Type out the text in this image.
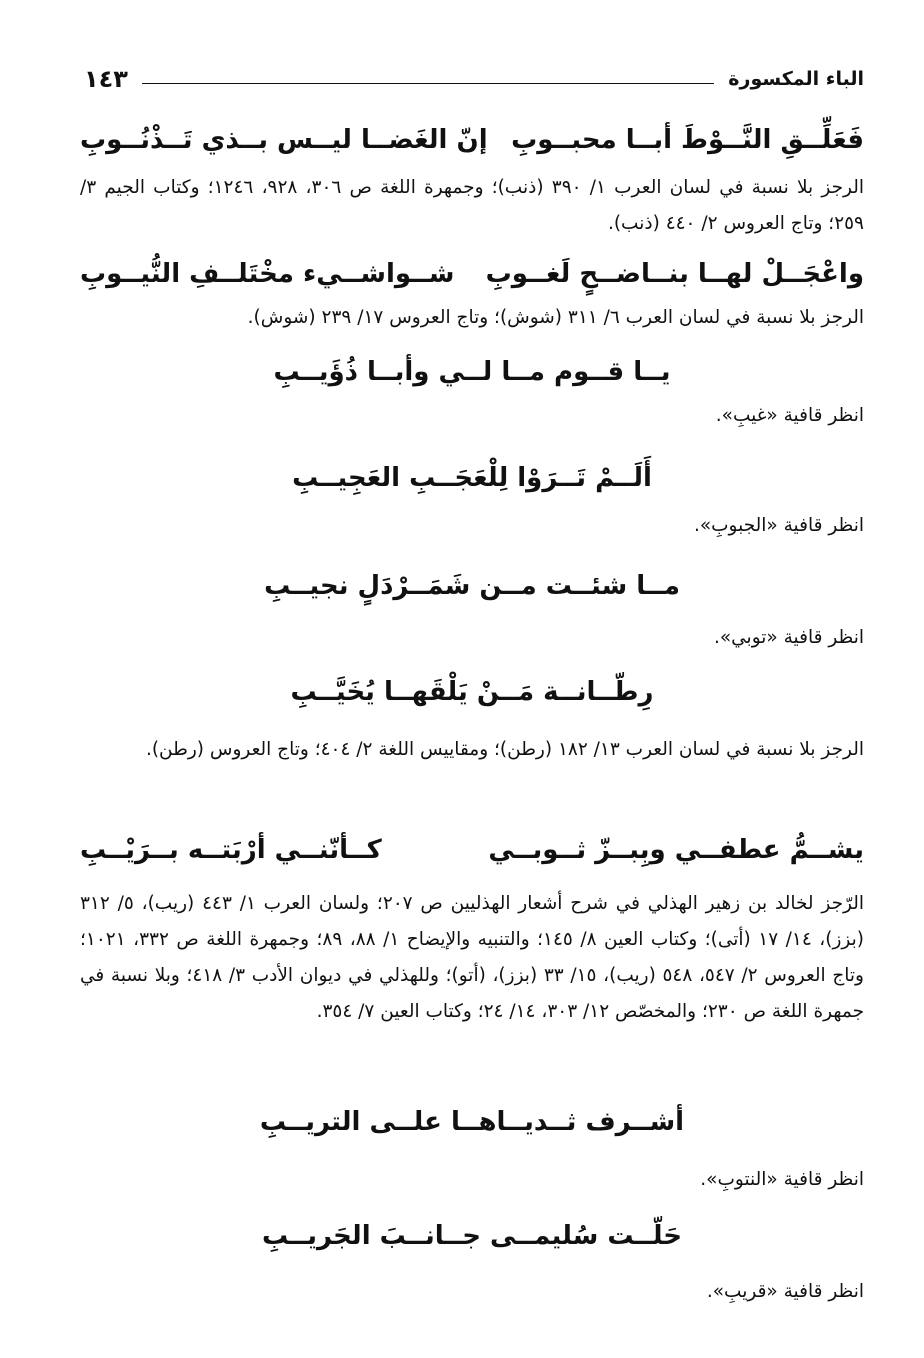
الباء المكسورة
١٤٣
فَعَلِّــقِ النَّــوْطَ أبــا محبــوبِ
إنّ الغَضــا ليــس بــذي تَــذْنُــوبِ
الرجز بلا نسبة في لسان العرب ١/ ٣٩٠ (ذنب)؛ وجمهرة اللغة ص ٣٠٦، ٩٢٨، ١٢٤٦؛ وكتاب الجيم ٣/ ٢٥٩؛ وتاج العروس ٢/ ٤٤٠ (ذنب).
واعْجَــلْ لهــا بنــاضــحٍ لَغــوبِ
شــواشــيء مخْتَلــفِ النُّيــوبِ
الرجز بلا نسبة في لسان العرب ٦/ ٣١١ (شوش)؛ وتاج العروس ١٧/ ٢٣٩ (شوش).
يــا قــوم مــا لــي وأبــا ذُؤَيــبِ
انظر قافية «غيبِ».
أَلَــمْ تَــرَوْا لِلْعَجَــبِ العَجِيــبِ
انظر قافية «الجبوبِ».
مــا شئــت مــن شَمَــرْدَلٍ نجيــبِ
انظر قافية «توبي».
رِطّــانــة مَــنْ يَلْقَهــا يُخَيَّــبِ
الرجز بلا نسبة في لسان العرب ١٣/ ١٨٢ (رطن)؛ ومقاييس اللغة ٢/ ٤٠٤؛ وتاج العروس (رطن).
يشــمُّ عطفــي وبِبــزّ ثــوبــي
كــأنّنــي أرْبَتــه بــرَيْــبِ
الرّجز لخالد بن زهير الهذلي في شرح أشعار الهذليين ص ٢٠٧؛ ولسان العرب ١/ ٤٤٣ (ريب)، ٥/ ٣١٢ (بزز)، ١٤/ ١٧ (أتى)؛ وكتاب العين ٨/ ١٤٥؛ والتنبيه والإيضاح ١/ ٨٨، ٨٩؛ وجمهرة اللغة ص ٣٣٢، ١٠٢١؛ وتاج العروس ٢/ ٥٤٧، ٥٤٨ (ريب)، ١٥/ ٣٣ (بزز)، (أتو)؛ وللهذلي في ديوان الأدب ٣/ ٤١٨؛ وبلا نسبة في جمهرة اللغة ص ٢٣٠؛ والمخصّص ١٢/ ٣٠٣، ١٤/ ٢٤؛ وكتاب العين ٧/ ٣٥٤.
أشــرف ثــديــاهــا علــى التريــبِ
انظر قافية «النتوبِ».
حَلّــت سُليمــى جــانــبَ الجَريــبِ
انظر قافية «قريبِ».
